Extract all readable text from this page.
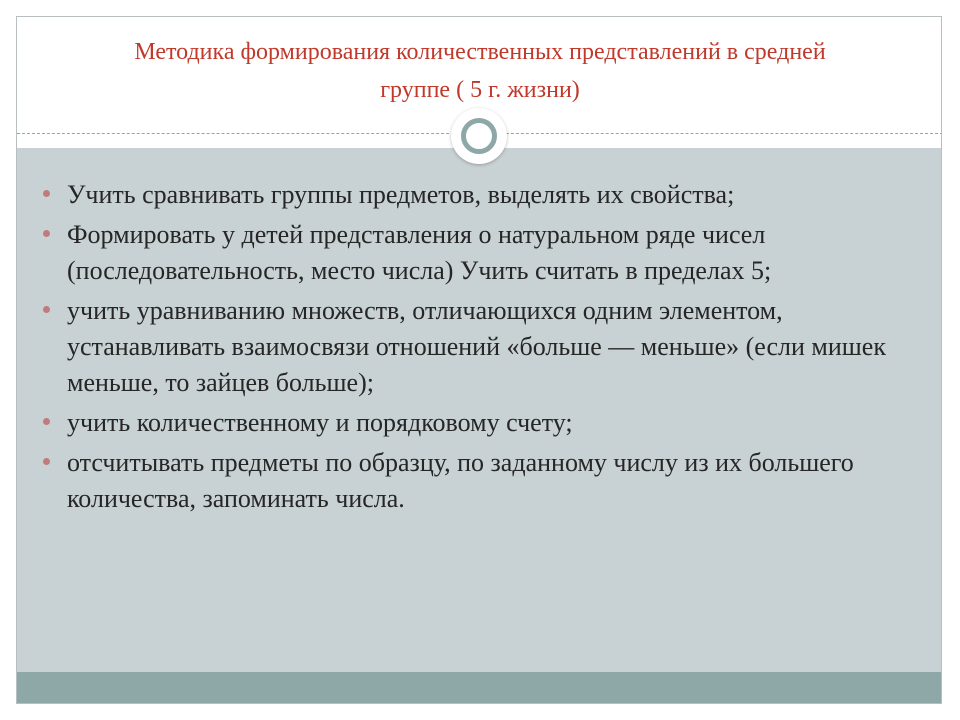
Методика формирования количественных представлений в средней
группе ( 5 г. жизни)
Учить сравнивать группы предметов, выделять их свойства;
Формировать у детей представления о натуральном ряде чисел (последовательность, место числа) Учить считать в пределах 5;
учить уравниванию множеств, отличающихся одним элементом, устанавливать взаимосвязи отношений «больше — меньше» (если мишек меньше, то зайцев больше);
учить количественному и порядковому счету;
отсчитывать предметы по образцу, по заданному числу из их большего количества, запоминать числа.
